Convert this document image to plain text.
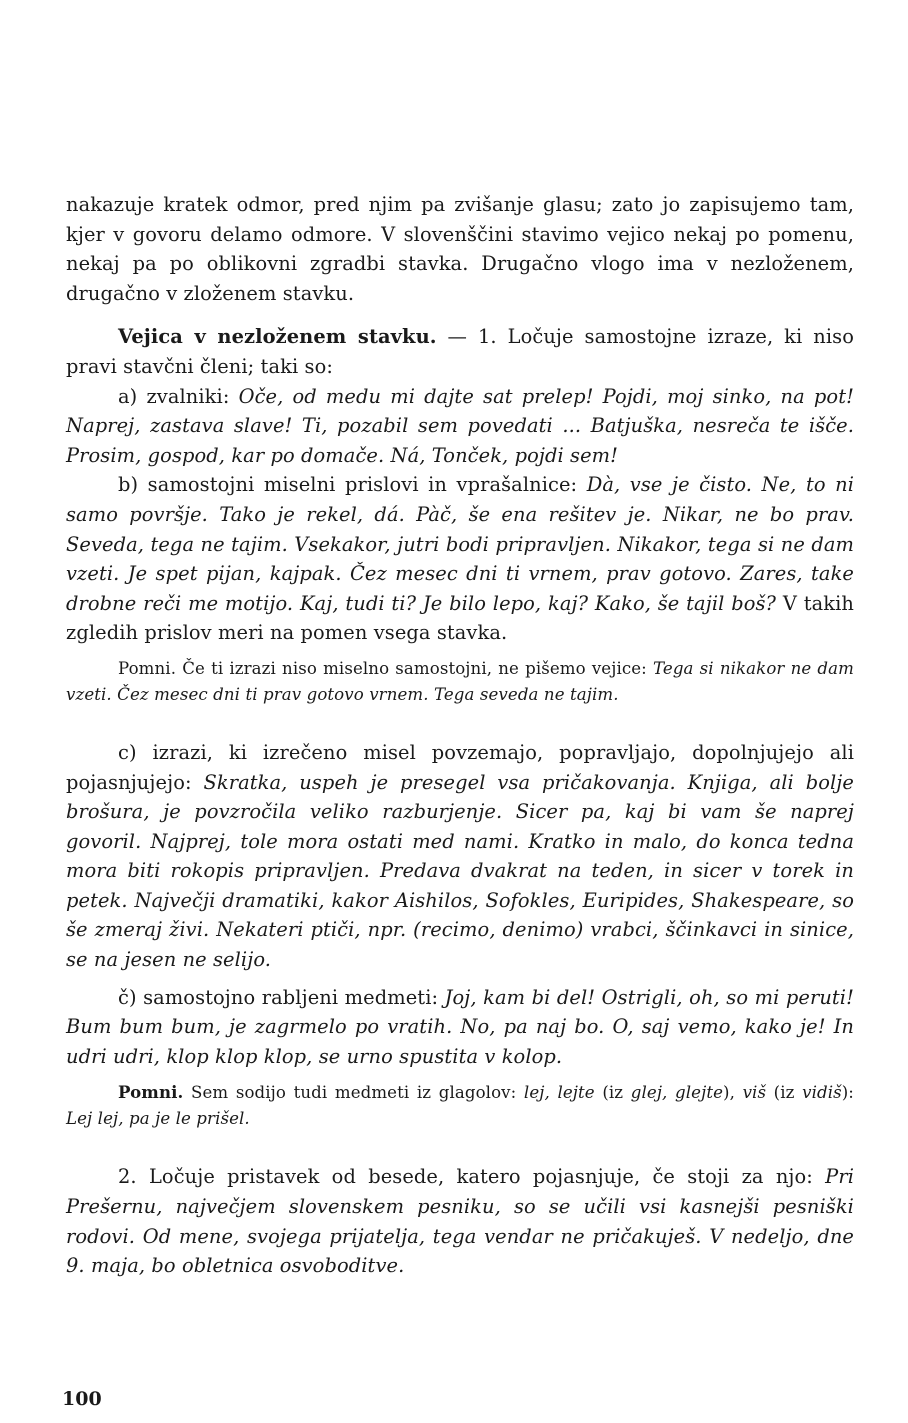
nakazuje kratek odmor, pred njim pa zvišanje glasu; zato jo zapisujemo tam, kjer v govoru delamo odmore. V slovenščini stavimo vejico nekaj po pomenu, nekaj pa po oblikovni zgradbi stavka. Drugačno vlogo ima v nezloženem, drugačno v zloženem stavku.

Vejica v nezloženem stavku. — 1. Ločuje samostojne izraze, ki niso pravi stavčni členi; taki so:

a) zvalniki: Oče, od medu mi dajte sat prelep! Pojdi, moj sinko, na pot! Naprej, zastava slave! Ti, pozabil sem povedati ... Batjuška, nesreča te išče. Prosim, gospod, kar po domače. Ná, Tonček, pojdi sem!

b) samostojni miselni prislovi in vprašalnice: Dà, vse je čisto. Ne, to ni samo površje. Tako je rekel, dá. Pàč, še ena rešitev je. Nikar, ne bo prav. Seveda, tega ne tajim. Vsekakor, jutri bodi pripravljen. Nikakor, tega si ne dam vzeti. Je spet pijan, kajpak. Čez mesec dni ti vrnem, prav gotovo. Zares, take drobne reči me motijo. Kaj, tudi ti? Je bilo lepo, kaj? Kako, še tajil boš? V takih zgledih prislov meri na pomen vsega stavka.

Pomni. Če ti izrazi niso miselno samostojni, ne pišemo vejice: Tega si nikakor ne dam vzeti. Čez mesec dni ti prav gotovo vrnem. Tega seveda ne tajim.

c) izrazi, ki izrečeno misel povzemajo, popravljajo, dopolnjujejo ali pojasnjujejo: Skratka, uspeh je presegel vsa pričakovanja. Knjiga, ali bolje brošura, je povzročila veliko razburjenje. Sicer pa, kaj bi vam še naprej govoril. Najprej, tole mora ostati med nami. Kratko in malo, do konca tedna mora biti rokopis pripravljen. Predava dvakrat na teden, in sicer v torek in petek. Največji dramatiki, kakor Aishilos, Sofokles, Euripides, Shakespeare, so še zmeraj živi. Nekateri ptiči, npr. (recimo, denimo) vrabci, ščinkavci in sinice, se na jesen ne selijo.

č) samostojno rabljeni medmeti: Joj, kam bi del! Ostrigli, oh, so mi peruti! Bum bum bum, je zagrmelo po vratih. No, pa naj bo. O, saj vemo, kako je! In udri udri, klop klop klop, se urno spustita v kolop.

Pomni. Sem sodijo tudi medmeti iz glagolov: lej, lejte (iz glej, glejte), viš (iz vidiš): Lej lej, pa je le prišel.

2. Ločuje pristavek od besede, katero pojasnjuje, če stoji za njo: Pri Prešernu, največjem slovenskem pesniku, so se učili vsi kasnejši pesniški rodovi. Od mene, svojega prijatelja, tega vendar ne pričakuješ. V nedeljo, dne 9. maja, bo obletnica osvoboditve.

100
